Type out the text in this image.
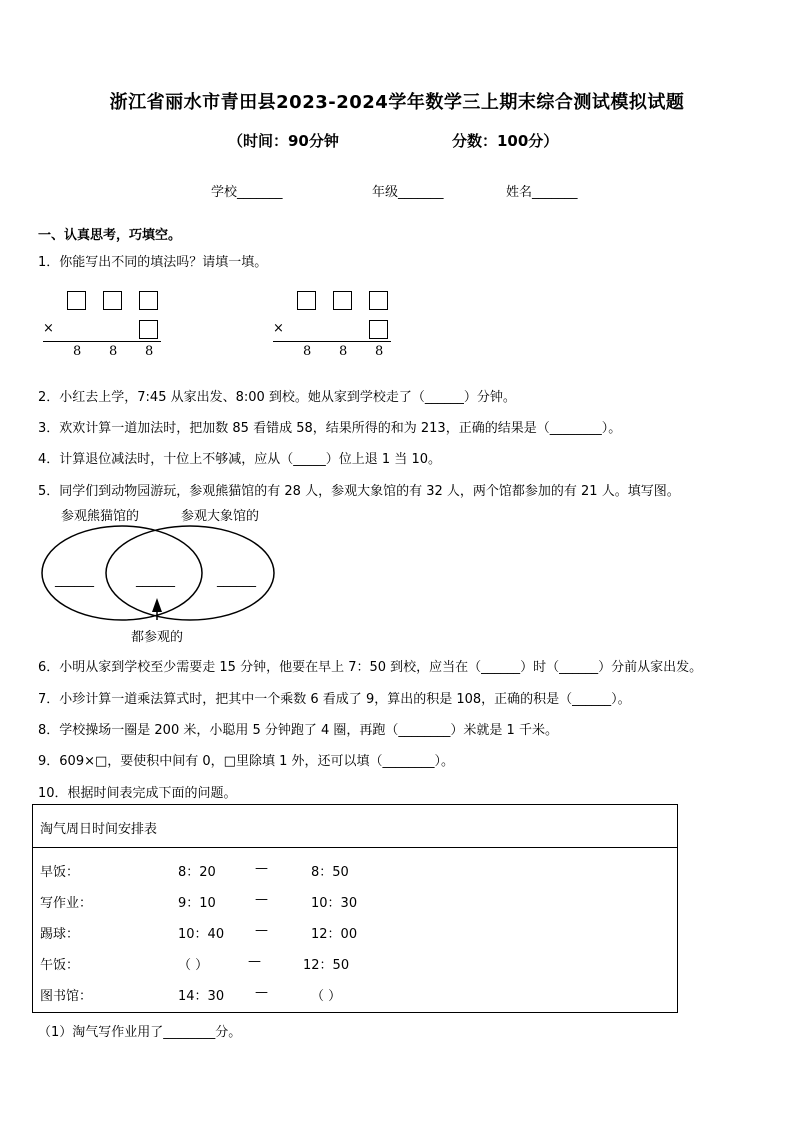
浙江省丽水市青田县2023-2024学年数学三上期末综合测试模拟试题
（时间：90分钟	分数：100分）
学校_______	年级_______	姓名_______
一、认真思考，巧填空。
1．你能写出不同的填法吗？请填一填。
×
8 8 8
×
8 8 8
2．小红去上学，7:45 从家出发、8:00 到校。她从家到学校走了（______）分钟。
3．欢欢计算一道加法时，把加数 85 看错成 58，结果所得的和为 213，正确的结果是（________）。
4．计算退位减法时，十位上不够减，应从（_____）位上退 1 当 10。
5．同学们到动物园游玩，参观熊猫馆的有 28 人，参观大象馆的有 32 人，两个馆都参加的有 21 人。填写图。
参观熊猫馆的	参观大象馆的
______	______	______
都参观的
6．小明从家到学校至少需要走 15 分钟，他要在早上 7：50 到校，应当在（______）时（______）分前从家出发。
7．小珍计算一道乘法算式时，把其中一个乘数 6 看成了 9，算出的积是 108，正确的积是（______）。
8．学校操场一圈是 200 米，小聪用 5 分钟跑了 4 圈，再跑（________）米就是 1 千米。
9．609×□，要使积中间有 0，□里除填 1 外，还可以填（________）。
10．根据时间表完成下面的问题。
淘气周日时间安排表
早饭：	8：20	—	8：50
写作业：	9：10	—	10：30
踢球：	10：40 —	12：00
午饭：	（ ）	—	12：50
图书馆：	14：30 —	（ ）
（1）淘气写作业用了________分。
